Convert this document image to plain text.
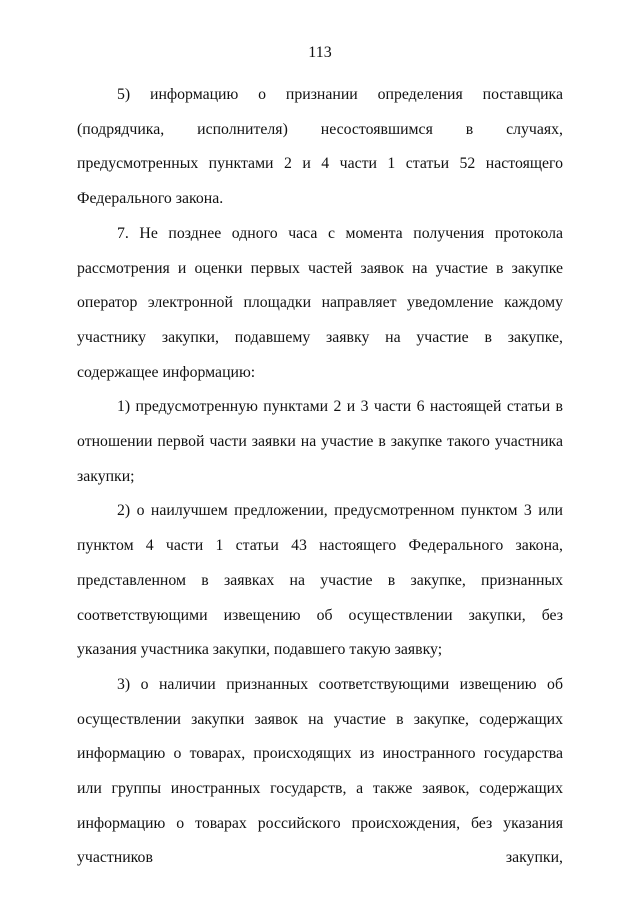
113

5) информацию о признании определения поставщика (подрядчика, исполнителя) несостоявшимся в случаях, предусмотренных пунктами 2 и 4 части 1 статьи 52 настоящего Федерального закона.

7. Не позднее одного часа с момента получения протокола рассмотрения и оценки первых частей заявок на участие в закупке оператор электронной площадки направляет уведомление каждому участнику закупки, подавшему заявку на участие в закупке, содержащее информацию:

1) предусмотренную пунктами 2 и 3 части 6 настоящей статьи в отношении первой части заявки на участие в закупке такого участника закупки;

2) о наилучшем предложении, предусмотренном пунктом 3 или пунктом 4 части 1 статьи 43 настоящего Федерального закона, представленном в заявках на участие в закупке, признанных соответствующими извещению об осуществлении закупки, без указания участника закупки, подавшего такую заявку;

3) о наличии признанных соответствующими извещению об осуществлении закупки заявок на участие в закупке, содержащих информацию о товарах, происходящих из иностранного государства или группы иностранных государств, а также заявок, содержащих информацию о товарах российского происхождения, без указания участников закупки,
